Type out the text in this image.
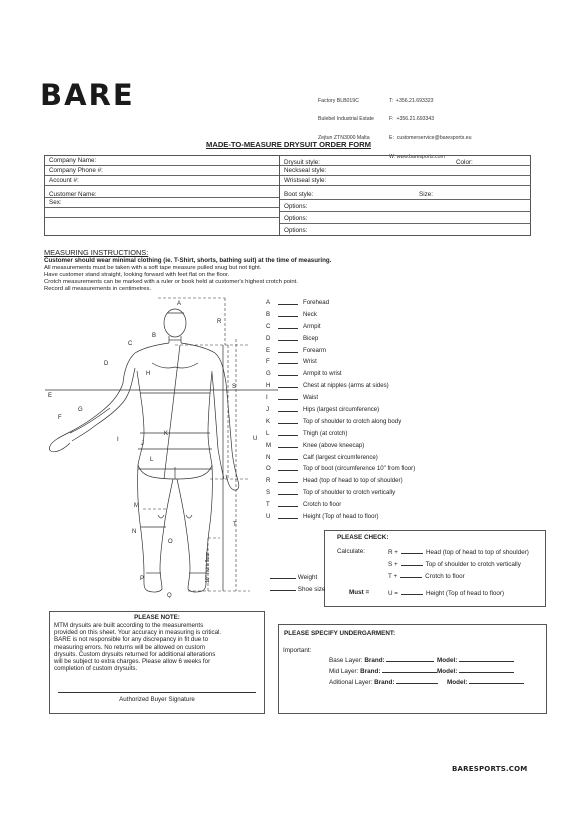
BARE

	Factory BLB019C

Bulebel Industrial Estate

Zejtun ZTN3000 Malta

T:  +356.21.693323

F:  +356.21.693343

E:  customerservice@baresports.eu

W: www.baresports.com

MADE-TO-MEASURE DRYSUIT ORDER FORM
Company Name:
Company Phone #:
Account #:
Customer Name:
Sex:
Drysuit style:	Color:
Neckseal style:
Wristseal style:
Boot style:	Size:
Options:
Options:
Options:
MEASURING INSTRUCTIONS:
Customer should wear minimal clothing (ie. T-Shirt, shorts, bathing suit) at the time of measuring.
All measurements must be taken with a soft tape measure pulled snug but not tight.
Have customer stand straight, looking forward with feet flat on the floor.
Crotch measurements can be marked with a ruler or book held at customer's highest crotch point.
Record all measurements in centimetres.
A
B
C
D
E
F
G
H
I
J
K
L
M
N
O
P
Q
R
S
T
U
10" from floor
A	Forehead
B	Neck
C	Armpit
D	Bicep
E	Forearm
F	Wrist
G	Armpit to wrist
H	Chest at nipples (arms at sides)
I	Waist
J	Hips (largest circumference)
K	Top of shoulder to crotch along body
L	Thigh (at crotch)
M	Knee (above kneecap)
N	Calf (largest circumference)
O	Top of boot (circumference 10" from floor)
R	Head (top of head to top of shoulder)
S	Top of shoulder to crotch vertically
T	Crotch to floor
U	Height (Top of head to floor)
PLEASE CHECK:
Calculate:	R +	Head (top of head to top of shoulder)
S +	Top of shoulder to crotch vertically
T +	Crotch to floor
Must =	U =	Height (Top of head to floor)
Weight
Shoe size
PLEASE NOTE:
MTM drysuits are built according to the measurements
provided on this sheet. Your accuracy in measuring is critical.
BARE is not responsible for any discrepancy in fit due to
measuring errors. No returns will be allowed on custom
drysuits. Custom drysuits returned for additional alterations
will be subject to extra charges. Please allow 6 weeks for
completion of custom drysuits.
Authorized Buyer Signature
PLEASE SPECIFY UNDERGARMENT:
Important:
Base Layer: Brand:	Model:
Mid Layer: Brand:	Model:
Aditional Layer: Brand:	Model:
BARESPORTS.COM
